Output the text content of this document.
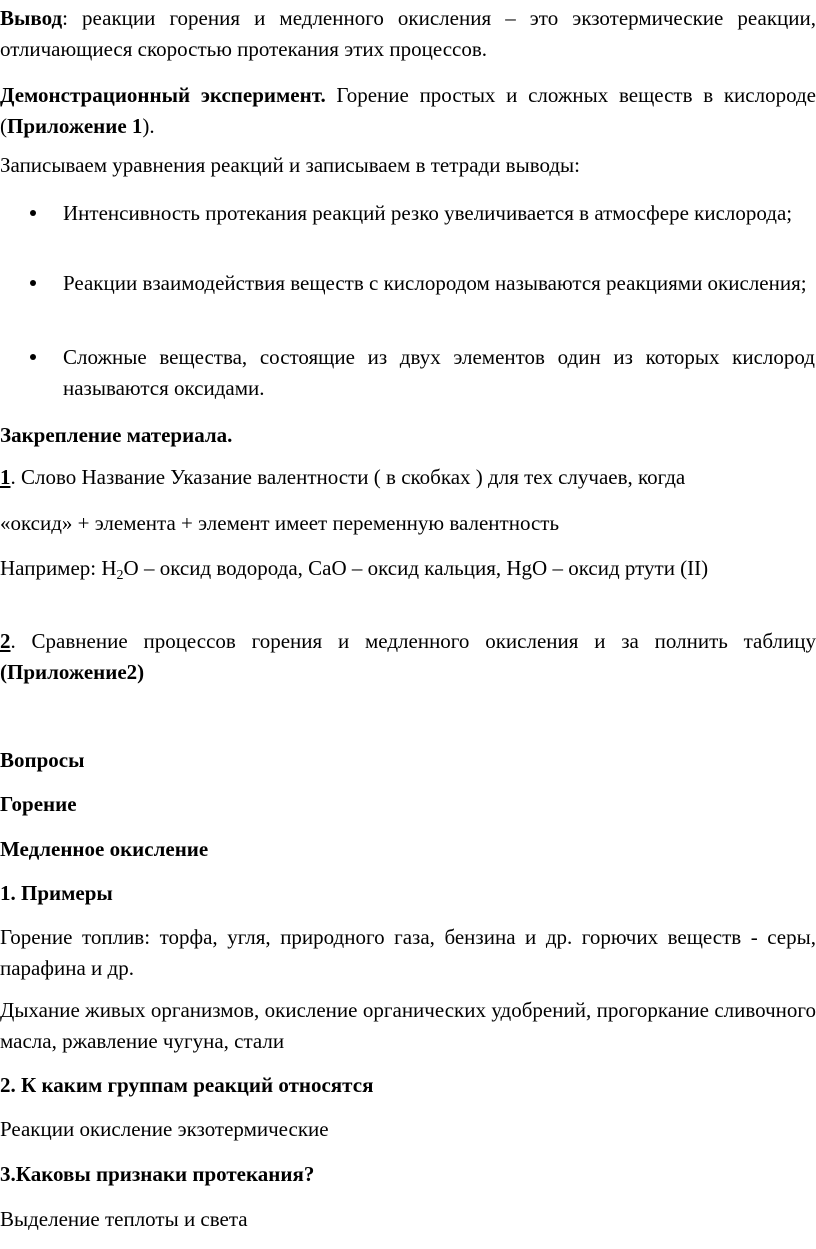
Вывод: реакции горения и медленного окисления – это экзотермические реакции, отличающиеся скоростью протекания этих процессов.

Демонстрационный эксперимент. Горение простых и сложных веществ в кислороде (Приложение 1).

Записываем уравнения реакций и записываем в тетради выводы:

Интенсивность протекания реакций резко увеличивается в атмосфере кислорода;

Реакции взаимодействия веществ с кислородом называются реакциями окисления;

Сложные вещества, состоящие из двух элементов один из которых кислород называются оксидами.

Закрепление материала.

1. Слово Название Указание валентности ( в скобках ) для тех случаев, когда

«оксид» + элемента + элемент имеет переменную валентность

Например: $H_2O$ – оксид водорода, CaO – оксид кальция, HgO – оксид ртути (II)

2. Сравнение процессов горения и медленного окисления и за полнить таблицу (Приложение2)

Вопросы

Горение

Медленное окисление

1. Примеры

Горение топлив: торфа, угля, природного газа, бензина и др. горючих веществ - серы, парафина и др.

Дыхание живых организмов, окисление органических удобрений, прогоркание сливочного масла, ржавление чугуна, стали

2. К каким группам реакций относятся

Реакции окисление экзотермические

3.Каковы признаки протекания?

Выделение теплоты и света
